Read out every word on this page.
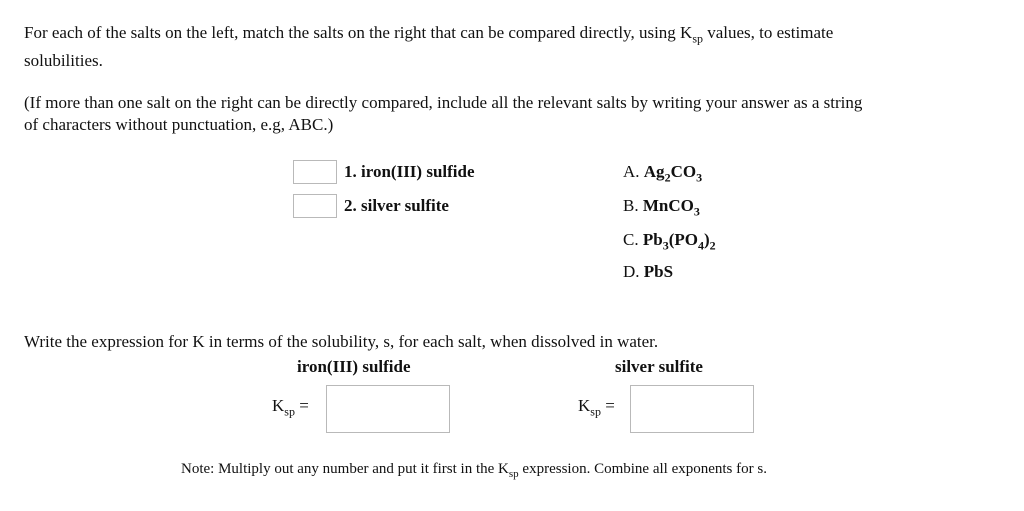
For each of the salts on the left, match the salts on the right that can be compared directly, using $K_{sp}$ values, to estimate
solubilities.
(If more than one salt on the right can be directly compared, include all the relevant salts by writing your answer as a string
of characters without punctuation, e.g, ABC.)
1. iron(III) sulfide
2. silver sulfite
A. $Ag_2CO_3$
B. MnCO$_3$
C. $Pb_3(PO_4)_2$
D. PbS
Write the expression for K in terms of the solubility, s, for each salt, when dissolved in water.
iron(III) sulfide	silver sulfite
$K_{sp}$ =	$K_{sp}$ =
Note: Multiply out any number and put it first in the $K_{sp}$ expression. Combine all exponents for s.
